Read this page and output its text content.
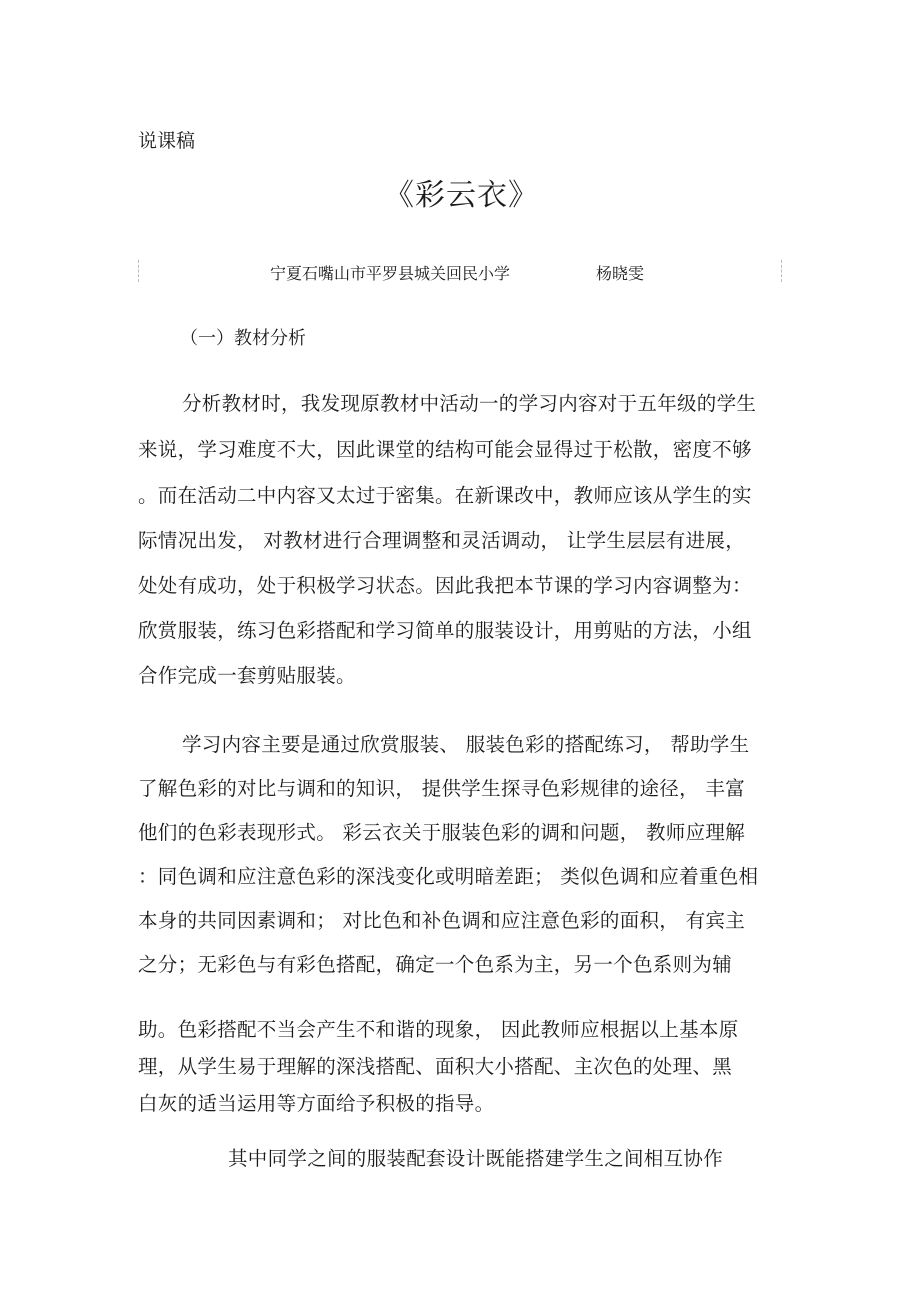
说课稿
《彩云衣》
宁夏石嘴山市平罗县城关回民小学	杨晓雯
（一）教材分析
分析教材时，我发现原教材中活动一的学习内容对于五年级的学生
来说，学习难度不大，因此课堂的结构可能会显得过于松散，密度不够
。而在活动二中内容又太过于密集。在新课改中，教师应该从学生的实
际情况出发， 对教材进行合理调整和灵活调动， 让学生层层有进展，
处处有成功，处于积极学习状态。因此我把本节课的学习内容调整为：
欣赏服装，练习色彩搭配和学习简单的服装设计，用剪贴的方法，小组
合作完成一套剪贴服装。
学习内容主要是通过欣赏服装、 服装色彩的搭配练习， 帮助学生
了解色彩的对比与调和的知识， 提供学生探寻色彩规律的途径， 丰富
他们的色彩表现形式。 彩云衣关于服装色彩的调和问题， 教师应理解
：同色调和应注意色彩的深浅变化或明暗差距； 类似色调和应着重色相
本身的共同因素调和； 对比色和补色调和应注意色彩的面积， 有宾主
之分；无彩色与有彩色搭配，确定一个色系为主，另一个色系则为辅
助。色彩搭配不当会产生不和谐的现象， 因此教师应根据以上基本原
理，从学生易于理解的深浅搭配、面积大小搭配、主次色的处理、黑
白灰的适当运用等方面给予积极的指导。
其中同学之间的服装配套设计既能搭建学生之间相互协作
